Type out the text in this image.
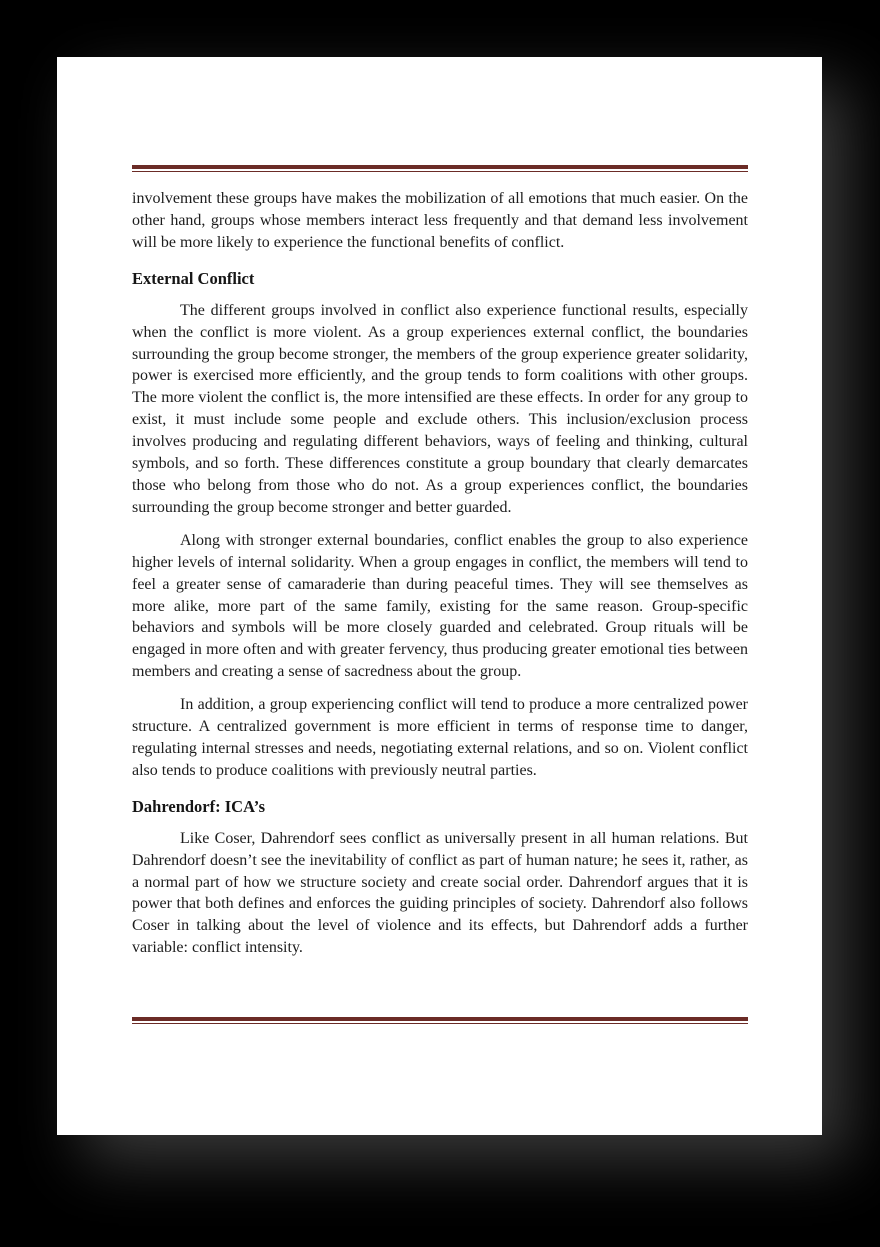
involvement these groups have makes the mobilization of all emotions that much easier. On the other hand, groups whose members interact less frequently and that demand less involvement will be more likely to experience the functional benefits of conflict.

External Conflict

The different groups involved in conflict also experience functional results, especially when the conflict is more violent. As a group experiences external conflict, the boundaries surrounding the group become stronger, the members of the group experience greater solidarity, power is exercised more efficiently, and the group tends to form coalitions with other groups. The more violent the conflict is, the more intensified are these effects. In order for any group to exist, it must include some people and exclude others. This inclusion/exclusion process involves producing and regulating different behaviors, ways of feeling and thinking, cultural symbols, and so forth. These differences constitute a group boundary that clearly demarcates those who belong from those who do not. As a group experiences conflict, the boundaries surrounding the group become stronger and better guarded.

Along with stronger external boundaries, conflict enables the group to also experience higher levels of internal solidarity. When a group engages in conflict, the members will tend to feel a greater sense of camaraderie than during peaceful times. They will see themselves as more alike, more part of the same family, existing for the same reason. Group-specific behaviors and symbols will be more closely guarded and celebrated. Group rituals will be engaged in more often and with greater fervency, thus producing greater emotional ties between members and creating a sense of sacredness about the group.

In addition, a group experiencing conflict will tend to produce a more centralized power structure. A centralized government is more efficient in terms of response time to danger, regulating internal stresses and needs, negotiating external relations, and so on. Violent conflict also tends to produce coalitions with previously neutral parties.

Dahrendorf: ICA’s

Like Coser, Dahrendorf sees conflict as universally present in all human relations. But Dahrendorf doesn’t see the inevitability of conflict as part of human nature; he sees it, rather, as a normal part of how we structure society and create social order. Dahrendorf argues that it is power that both defines and enforces the guiding principles of society. Dahrendorf also follows Coser in talking about the level of violence and its effects, but Dahrendorf adds a further variable: conflict intensity.
